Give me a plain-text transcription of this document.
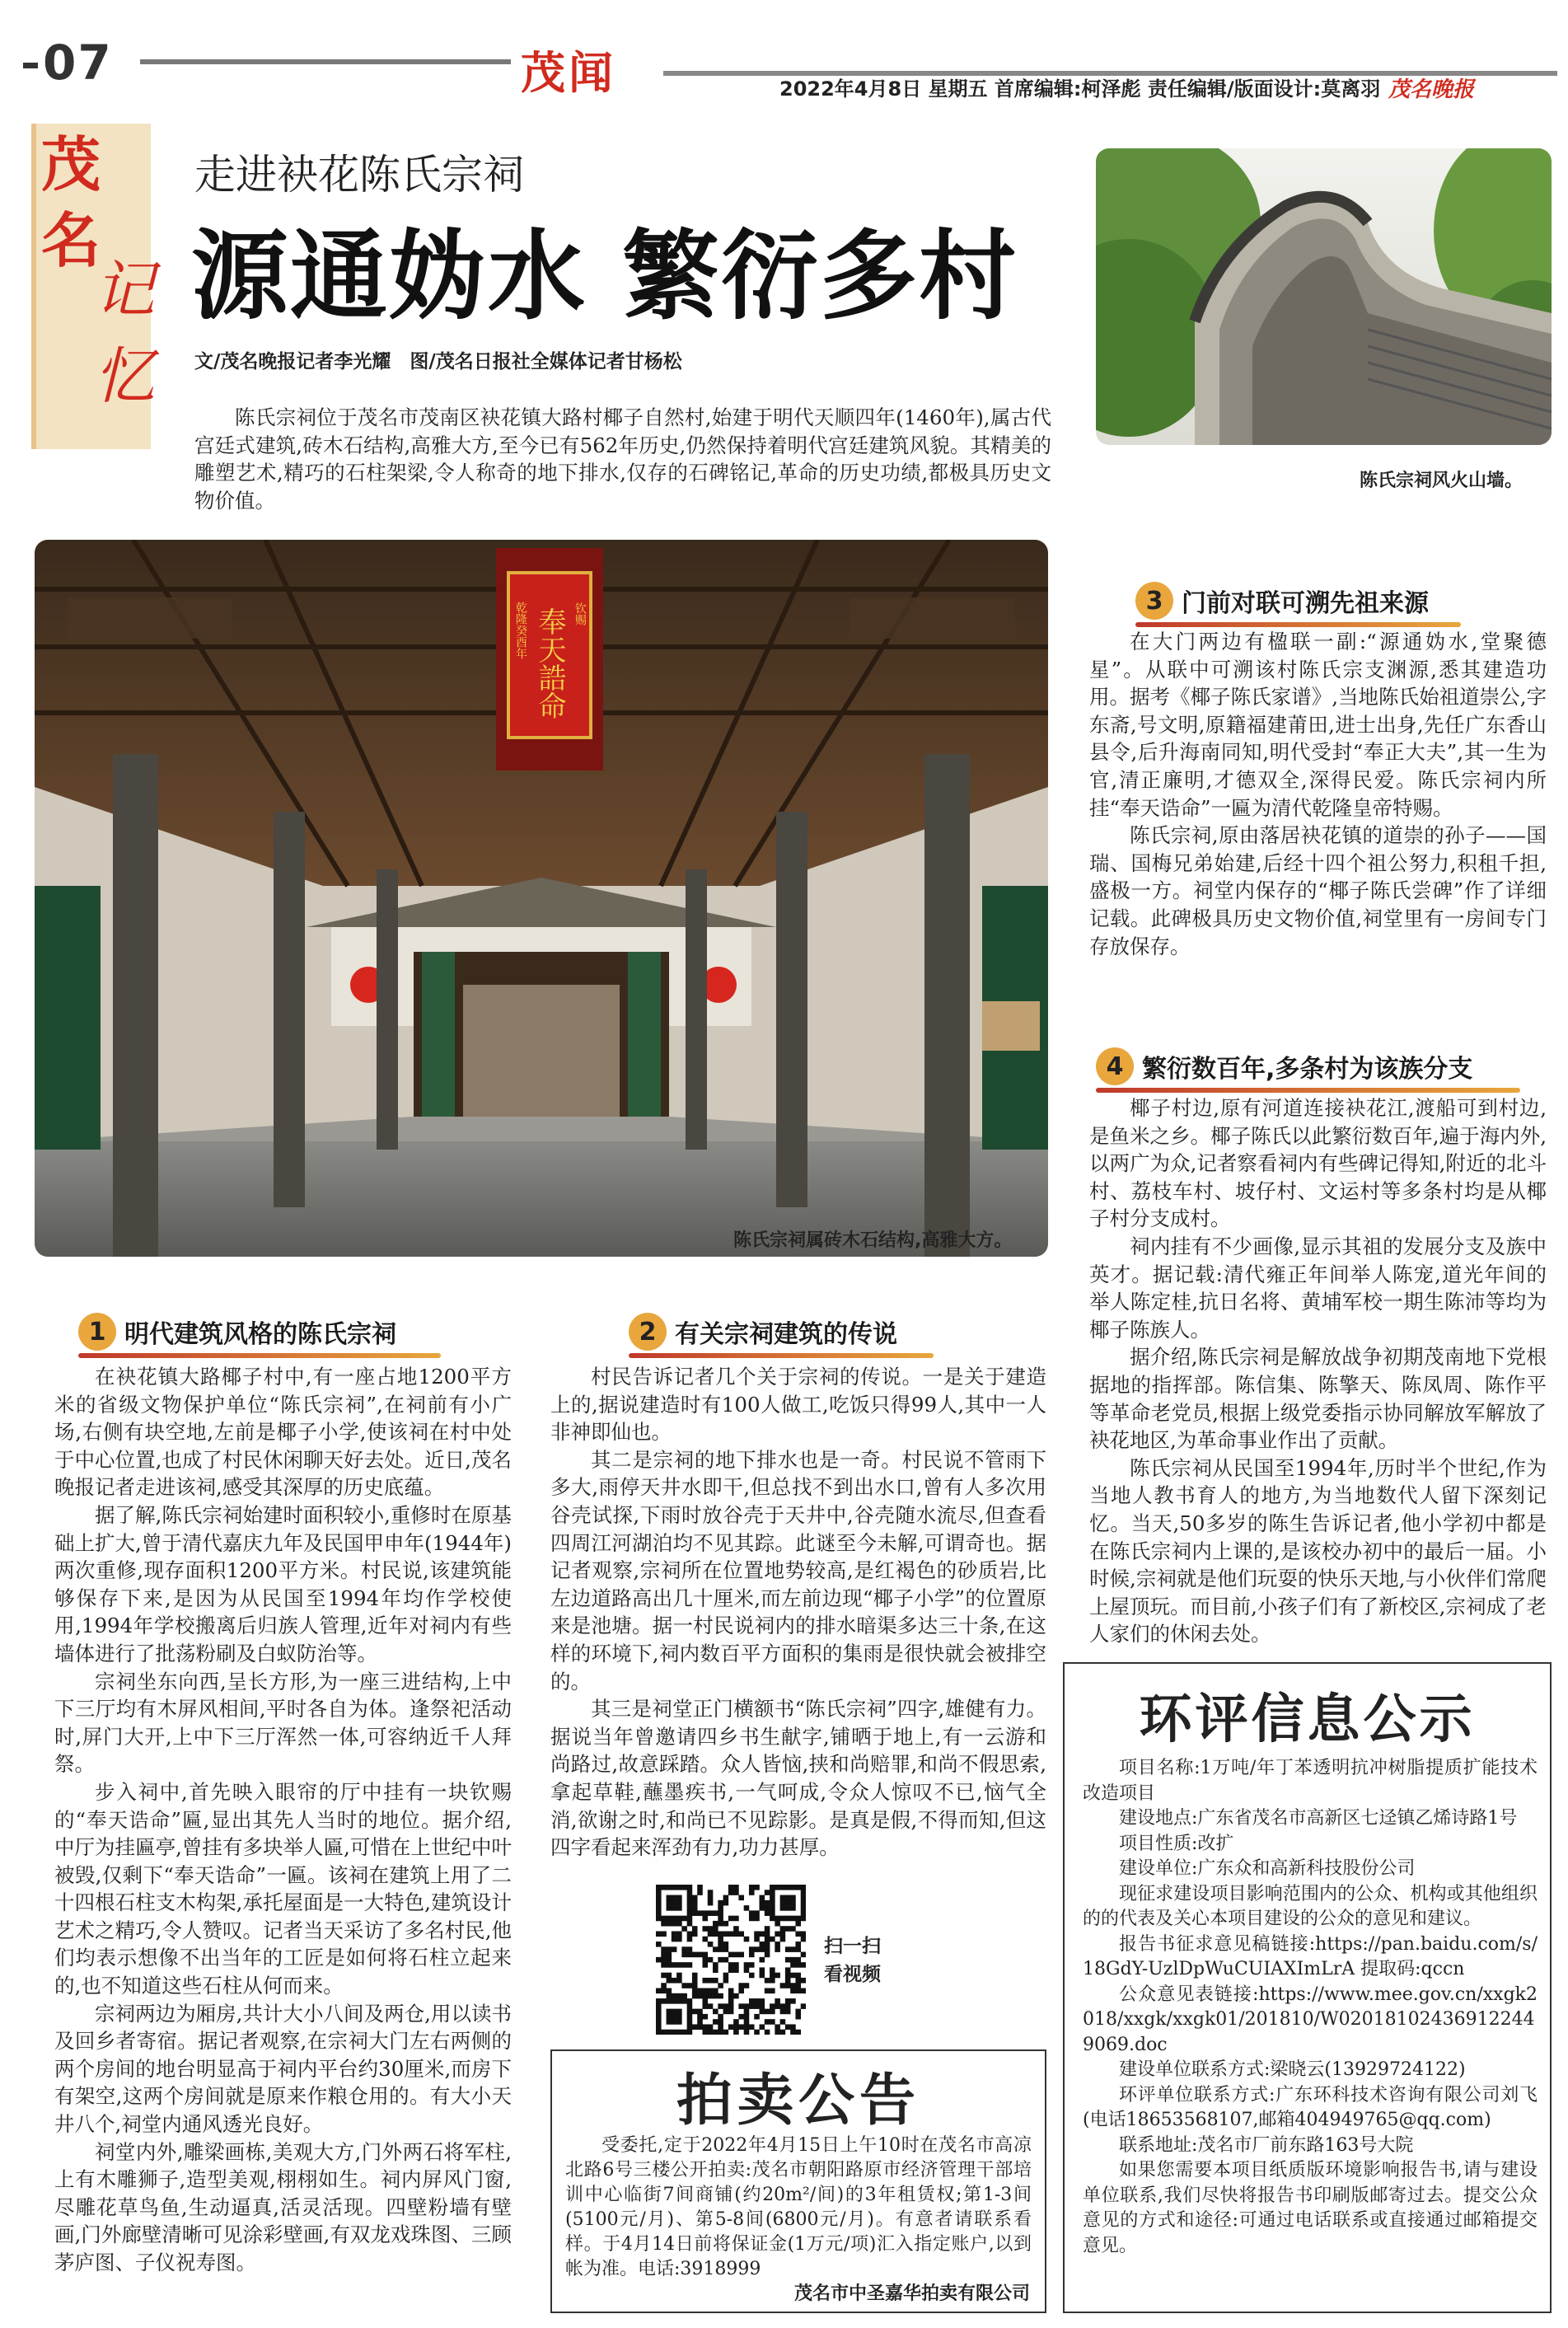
07	茂闻	2022年4月8日 星期五 首席编辑:柯泽彪 责任编辑/版面设计:莫离羽 茂名晚报
茂名
记忆
走进袂花陈氏宗祠
源通妫水 繁衍多村
文/茂名晚报记者李光耀　图/茂名日报社全媒体记者甘杨松
陈氏宗祠位于茂名市茂南区袂花镇大路村椰子自然村,始建于明代天顺四年(1460年),属古代宫廷式建筑,砖木石结构,高雅大方,至今已有562年历史,仍然保持着明代宫廷建筑风貌。其精美的雕塑艺术,精巧的石柱架梁,令人称奇的地下排水,仅存的石碑铭记,革命的历史功绩,都极具历史文物价值。
陈氏宗祠风火山墙。
奉天誥命
乾隆癸酉年	钦赐
陈氏宗祠属砖木石结构,高雅大方。
1 明代建筑风格的陈氏宗祠

在袂花镇大路椰子村中,有一座占地1200平方米的省级文物保护单位“陈氏宗祠”,在祠前有小广场,右侧有块空地,左前是椰子小学,使该祠在村中处于中心位置,也成了村民休闲聊天好去处。近日,茂名晚报记者走进该祠,感受其深厚的历史底蕴。

据了解,陈氏宗祠始建时面积较小,重修时在原基础上扩大,曾于清代嘉庆九年及民国甲申年(1944年)两次重修,现存面积1200平方米。村民说,该建筑能够保存下来,是因为从民国至1994年均作学校使用,1994年学校搬离后归族人管理,近年对祠内有些墙体进行了批荡粉刷及白蚁防治等。

宗祠坐东向西,呈长方形,为一座三进结构,上中下三厅均有木屏风相间,平时各自为体。逢祭祀活动时,屏门大开,上中下三厅浑然一体,可容纳近千人拜祭。

步入祠中,首先映入眼帘的厅中挂有一块钦赐的“奉天诰命”匾,显出其先人当时的地位。据介绍,中厅为挂匾亭,曾挂有多块举人匾,可惜在上世纪中叶被毁,仅剩下“奉天诰命”一匾。该祠在建筑上用了二十四根石柱支木构架,承托屋面是一大特色,建筑设计艺术之精巧,令人赞叹。记者当天采访了多名村民,他们均表示想像不出当年的工匠是如何将石柱立起来的,也不知道这些石柱从何而来。

宗祠两边为厢房,共计大小八间及两仓,用以读书及回乡者寄宿。据记者观察,在宗祠大门左右两侧的两个房间的地台明显高于祠内平台约30厘米,而房下有架空,这两个房间就是原来作粮仓用的。有大小天井八个,祠堂内通风透光良好。

祠堂内外,雕梁画栋,美观大方,门外两石将军柱,上有木雕狮子,造型美观,栩栩如生。祠内屏风门窗,尽雕花草鸟鱼,生动逼真,活灵活现。四壁粉墙有壁画,门外廊壁清晰可见涂彩壁画,有双龙戏珠图、三顾茅庐图、子仪祝寿图。

2 有关宗祠建筑的传说

村民告诉记者几个关于宗祠的传说。一是关于建造上的,据说建造时有100人做工,吃饭只得99人,其中一人非神即仙也。

其二是宗祠的地下排水也是一奇。村民说不管雨下多大,雨停天井水即干,但总找不到出水口,曾有人多次用谷壳试探,下雨时放谷壳于天井中,谷壳随水流尽,但查看四周江河湖泊均不见其踪。此谜至今未解,可谓奇也。据记者观察,宗祠所在位置地势较高,是红褐色的砂质岩,比左边道路高出几十厘米,而左前边现“椰子小学”的位置原来是池塘。据一村民说祠内的排水暗渠多达三十条,在这样的环境下,祠内数百平方面积的集雨是很快就会被排空的。

其三是祠堂正门横额书“陈氏宗祠”四字,雄健有力。据说当年曾邀请四乡书生献字,铺晒于地上,有一云游和尚路过,故意踩踏。众人皆恼,挟和尚赔罪,和尚不假思索,拿起草鞋,蘸墨疾书,一气呵成,令众人惊叹不已,恼气全消,欲谢之时,和尚已不见踪影。是真是假,不得而知,但这四字看起来浑劲有力,功力甚厚。

扫一扫
看视频
3 门前对联可溯先祖来源

在大门两边有楹联一副:“源通妫水,堂聚德星”。从联中可溯该村陈氏宗支渊源,悉其建造功用。据考《椰子陈氏家谱》,当地陈氏始祖道崇公,字东斋,号文明,原籍福建莆田,进士出身,先任广东香山县令,后升海南同知,明代受封“奉正大夫”,其一生为官,清正廉明,才德双全,深得民爱。陈氏宗祠内所挂“奉天诰命”一匾为清代乾隆皇帝特赐。

陈氏宗祠,原由落居袂花镇的道崇的孙子——国瑞、国梅兄弟始建,后经十四个祖公努力,积租千担,盛极一方。祠堂内保存的“椰子陈氏尝碑”作了详细记载。此碑极具历史文物价值,祠堂里有一房间专门存放保存。

4 繁衍数百年,多条村为该族分支

椰子村边,原有河道连接袂花江,渡船可到村边,是鱼米之乡。椰子陈氏以此繁衍数百年,遍于海内外,以两广为众,记者察看祠内有些碑记得知,附近的北斗村、荔枝车村、坡仔村、文运村等多条村均是从椰子村分支成村。

祠内挂有不少画像,显示其祖的发展分支及族中英才。据记载:清代雍正年间举人陈宠,道光年间的举人陈定桂,抗日名将、黄埔军校一期生陈沛等均为椰子陈族人。

据介绍,陈氏宗祠是解放战争初期茂南地下党根据地的指挥部。陈信集、陈擎天、陈凤周、陈作平等革命老党员,根据上级党委指示协同解放军解放了袂花地区,为革命事业作出了贡献。

陈氏宗祠从民国至1994年,历时半个世纪,作为当地人教书育人的地方,为当地数代人留下深刻记忆。当天,50多岁的陈生告诉记者,他小学初中都是在陈氏宗祠内上课的,是该校办初中的最后一届。小时候,宗祠就是他们玩耍的快乐天地,与小伙伴们常爬上屋顶玩。而目前,小孩子们有了新校区,宗祠成了老人家们的休闲去处。

拍卖公告
受委托,定于2022年4月15日上午10时在茂名市高凉北路6号三楼公开拍卖:茂名市朝阳路原市经济管理干部培训中心临街7间商铺(约20m²/间)的3年租赁权;第1-3间(5100元/月)、第5-8间(6800元/月)。有意者请联系看样。于4月14日前将保证金(1万元/项)汇入指定账户,以到帐为准。电话:3918999
茂名市中圣嘉华拍卖有限公司
环评信息公示

项目名称:1万吨/年丁苯透明抗冲树脂提质扩能技术改造项目

建设地点:广东省茂名市高新区七迳镇乙烯诗路1号

项目性质:改扩

建设单位:广东众和高新科技股份公司

现征求建设项目影响范围内的公众、机构或其他组织的的代表及关心本项目建设的公众的意见和建议。

报告书征求意见稿链接:https://pan.baidu.com/s/18GdY-UzlDpWuCUIAXImLrA 提取码:qccn

公众意见表链接:https://www.mee.gov.cn/xxgk2018/xxgk/xxgk01/201810/W020181024369122449069.doc

建设单位联系方式:梁晓云(13929724122)

环评单位联系方式:广东环科技术咨询有限公司刘飞(电话18653568107,邮箱404949765@qq.com)

联系地址:茂名市厂前东路163号大院

如果您需要本项目纸质版环境影响报告书,请与建设单位联系,我们尽快将报告书印刷版邮寄过去。提交公众意见的方式和途径:可通过电话联系或直接通过邮箱提交意见。
